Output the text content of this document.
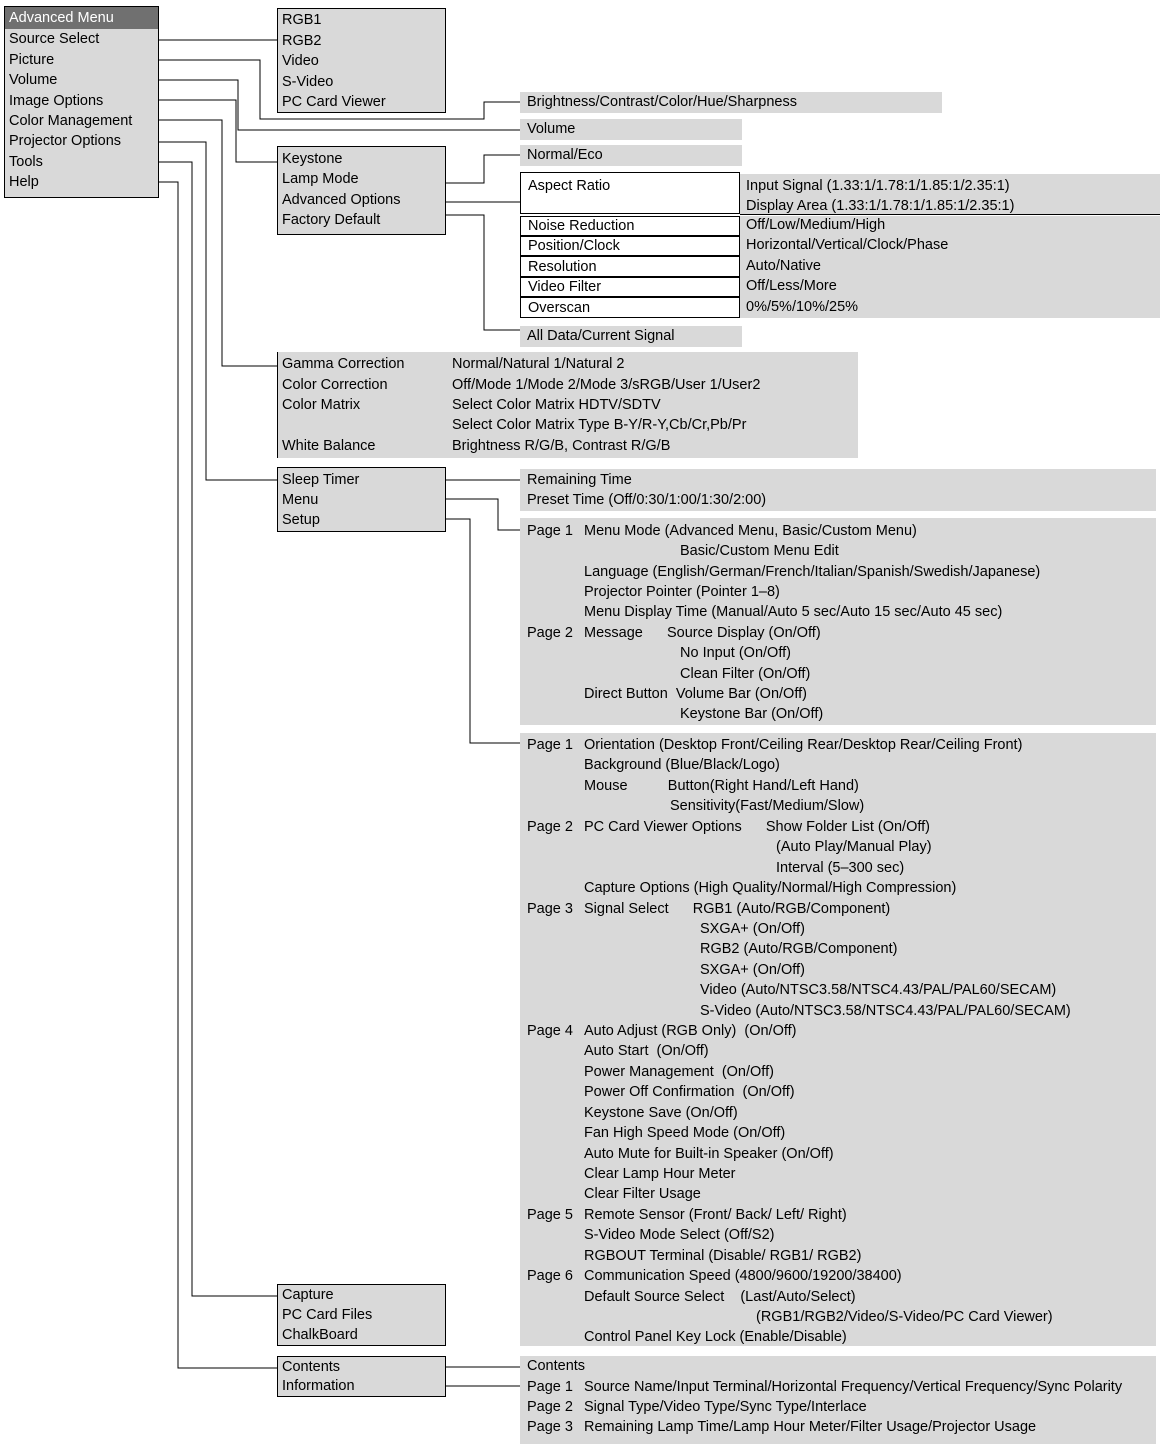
Advanced Menu
Source Select
Picture
Volume
Image Options
Color Management
Projector Options
Tools
Help
RGB1
RGB2
Video
S-Video
PC Card Viewer	Brightness/Contrast/Color/Hue/Sharpness
Volume
Keystone
Lamp Mode
Advanced Options
Factory Default
Normal/Eco
Aspect Ratio	Input Signal (1.33:1/1.78:1/1.85:1/2.35:1)
Display Area (1.33:1/1.78:1/1.85:1/2.35:1)
Noise Reduction	Off/Low/Medium/High
Position/Clock	Horizontal/Vertical/Clock/Phase
Resolution	Auto/Native
Video Filter	Off/Less/More
Overscan	0%/5%/10%/25%
All Data/Current Signal
Gamma Correction	Normal/Natural 1/Natural 2
Color Correction	Off/Mode 1/Mode 2/Mode 3/sRGB/User 1/User2
Color Matrix	Select Color Matrix HDTV/SDTV
Select Color Matrix Type B-Y/R-Y,Cb/Cr,Pb/Pr
White Balance	Brightness R/G/B, Contrast R/G/B
Sleep Timer
Menu
Setup
Remaining Time
Preset Time (Off/0:30/1:00/1:30/2:00)
Page 1 Menu Mode (Advanced Menu, Basic/Custom Menu)
Basic/Custom Menu Edit
Language (English/German/French/Italian/Spanish/Swedish/Japanese)
Projector Pointer (Pointer 1–8)
Menu Display Time (Manual/Auto 5 sec/Auto 15 sec/Auto 45 sec)
Page 2 Message      Source Display (On/Off)
No Input (On/Off)
Clean Filter (On/Off)
Direct Button  Volume Bar (On/Off)
Keystone Bar (On/Off)
Page 1 Orientation (Desktop Front/Ceiling Rear/Desktop Rear/Ceiling Front)
Background (Blue/Black/Logo)
Mouse          Button(Right Hand/Left Hand)
Sensitivity(Fast/Medium/Slow)
Page 2 PC Card Viewer Options      Show Folder List (On/Off)
(Auto Play/Manual Play)
Interval (5–300 sec)
Capture Options (High Quality/Normal/High Compression)
Page 3 Signal Select      RGB1 (Auto/RGB/Component)
SXGA+ (On/Off)
RGB2 (Auto/RGB/Component)
SXGA+ (On/Off)
Video (Auto/NTSC3.58/NTSC4.43/PAL/PAL60/SECAM)
S-Video (Auto/NTSC3.58/NTSC4.43/PAL/PAL60/SECAM)
Page 4 Auto Adjust (RGB Only)  (On/Off)
Auto Start  (On/Off)
Power Management  (On/Off)
Power Off Confirmation  (On/Off)
Keystone Save (On/Off)
Fan High Speed Mode (On/Off)
Auto Mute for Built-in Speaker (On/Off)
Clear Lamp Hour Meter
Clear Filter Usage
Page 5 Remote Sensor (Front/ Back/ Left/ Right)
S-Video Mode Select (Off/S2)
RGBOUT Terminal (Disable/ RGB1/ RGB2)
Page 6 Communication Speed (4800/9600/19200/38400)
Default Source Select    (Last/Auto/Select)
(RGB1/RGB2/Video/S-Video/PC Card Viewer)
Control Panel Key Lock (Enable/Disable)
Capture
PC Card Files
ChalkBoard
Contents
Information
Contents
Page 1 Source Name/Input Terminal/Horizontal Frequency/Vertical Frequency/Sync Polarity
Page 2 Signal Type/Video Type/Sync Type/Interlace
Page 3 Remaining Lamp Time/Lamp Hour Meter/Filter Usage/Projector Usage
